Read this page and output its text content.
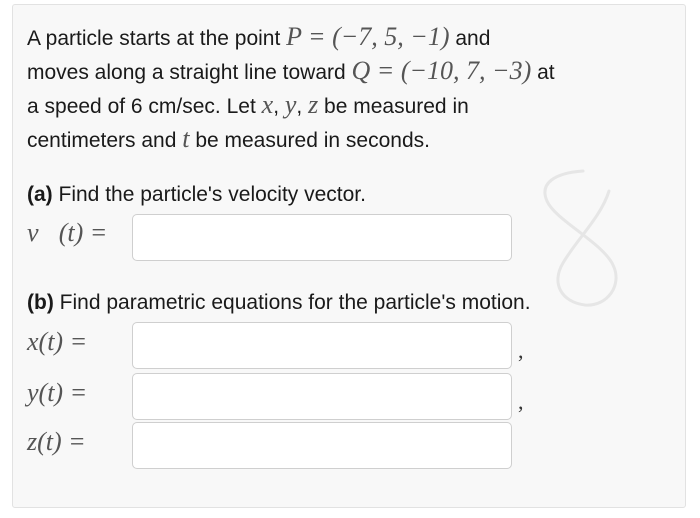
A particle starts at the point P = (−7, 5, −1) and
moves along a straight line toward Q = (−10, 7, −3) at
a speed of 6 cm/sec. Let x, y, z be measured in
centimeters and t be measured in seconds.
(a) Find the particle's velocity vector.
v⃗(t) =
(b) Find parametric equations for the particle's motion.
x(t) =	,
y(t) =	,
z(t) =
